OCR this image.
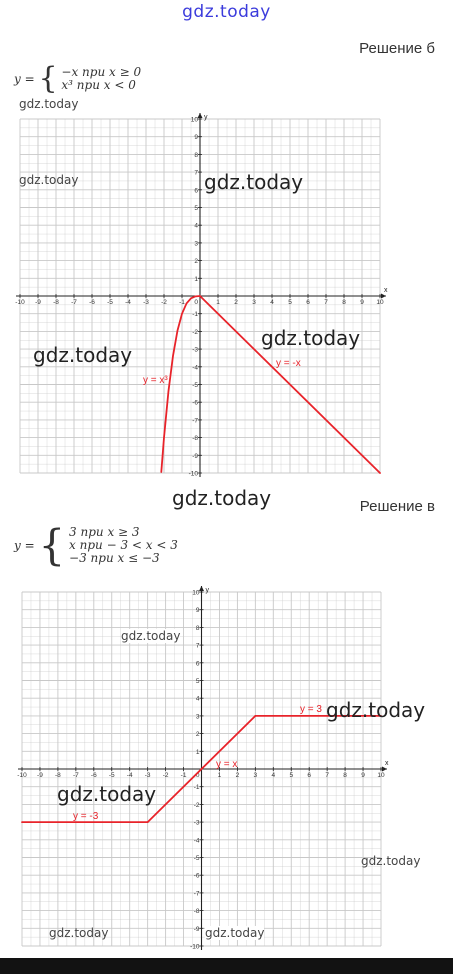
gdz.today
Решение б
y = { −x при x ≥ 0
x³ при x < 0
x
y
-10 -9 -8 -7 -6 -5 -4 -3 -2 -1	1 2 3 4 5 6 7 8 9 10
-10
-9
-8
-7
-6
-5
-4
-3
-2
-1
1
2
3
4
5
6
7
8
9
10
0
y = x³
y = -x
Решение в
y = { 3 при x ≥ 3
x при − 3 < x < 3
−3 при x ≤ −3
x
y
-10 -9 -8 -7 -6 -5 -4 -3 -2 -1	1 2 3 4 5 6 7 8 9 10
-10
-9
-8
-7
-6
-5
-4
-3
-2
-1
1
2
3
4
5
6
7
8
9
10
0
y = 3
y = x
y = -3
gdz.today
gdz.today	gdz.today
gdz.today
gdz.today
gdz.today
gdz.today
gdz.today
gdz.today
gdz.today
gdz.today	gdz.today
